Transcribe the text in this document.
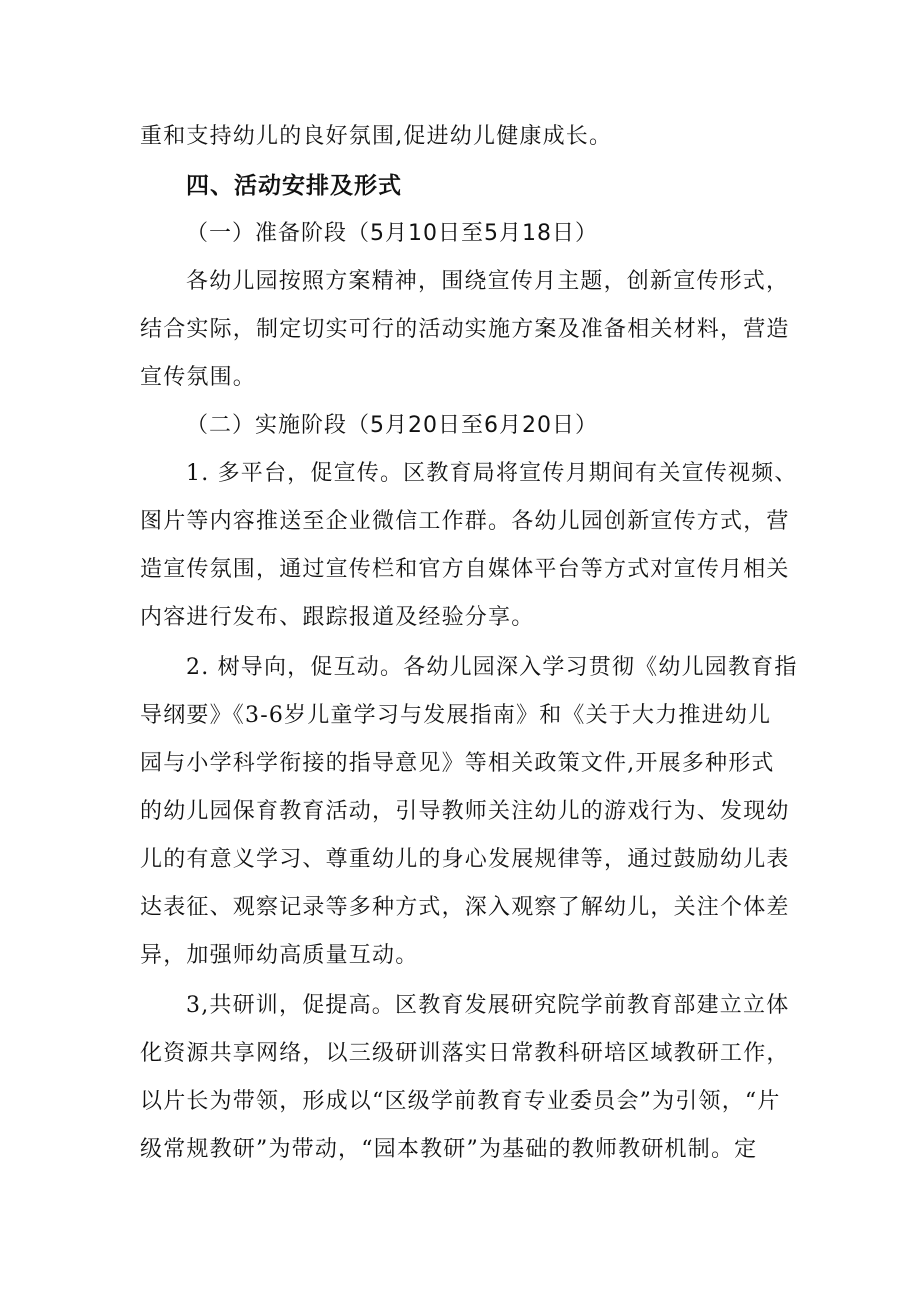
重和支持幼儿的良好氛围,促进幼儿健康成长。
四、活动安排及形式
（一）准备阶段（5月10日至5月18日）
各幼儿园按照方案精神，围绕宣传月主题，创新宣传形式，
结合实际，制定切实可行的活动实施方案及准备相关材料，营造
宣传氛围。
（二）实施阶段（5月20日至6月20日）
1. 多平台，促宣传。区教育局将宣传月期间有关宣传视频、
图片等内容推送至企业微信工作群。各幼儿园创新宣传方式，营
造宣传氛围，通过宣传栏和官方自媒体平台等方式对宣传月相关
内容进行发布、跟踪报道及经验分享。
2. 树导向，促互动。各幼儿园深入学习贯彻《幼儿园教育指
导纲要》《3-6岁儿童学习与发展指南》和《关于大力推进幼儿
园与小学科学衔接的指导意见》等相关政策文件,开展多种形式
的幼儿园保育教育活动，引导教师关注幼儿的游戏行为、发现幼
儿的有意义学习、尊重幼儿的身心发展规律等，通过鼓励幼儿表
达表征、观察记录等多种方式，深入观察了解幼儿，关注个体差
异，加强师幼高质量互动。
3,共研训，促提高。区教育发展研究院学前教育部建立立体
化资源共享网络，以三级研训落实日常教科研培区域教研工作，
以片长为带领，形成以“区级学前教育专业委员会”为引领，“片
级常规教研”为带动，“园本教研”为基础的教师教研机制。定
